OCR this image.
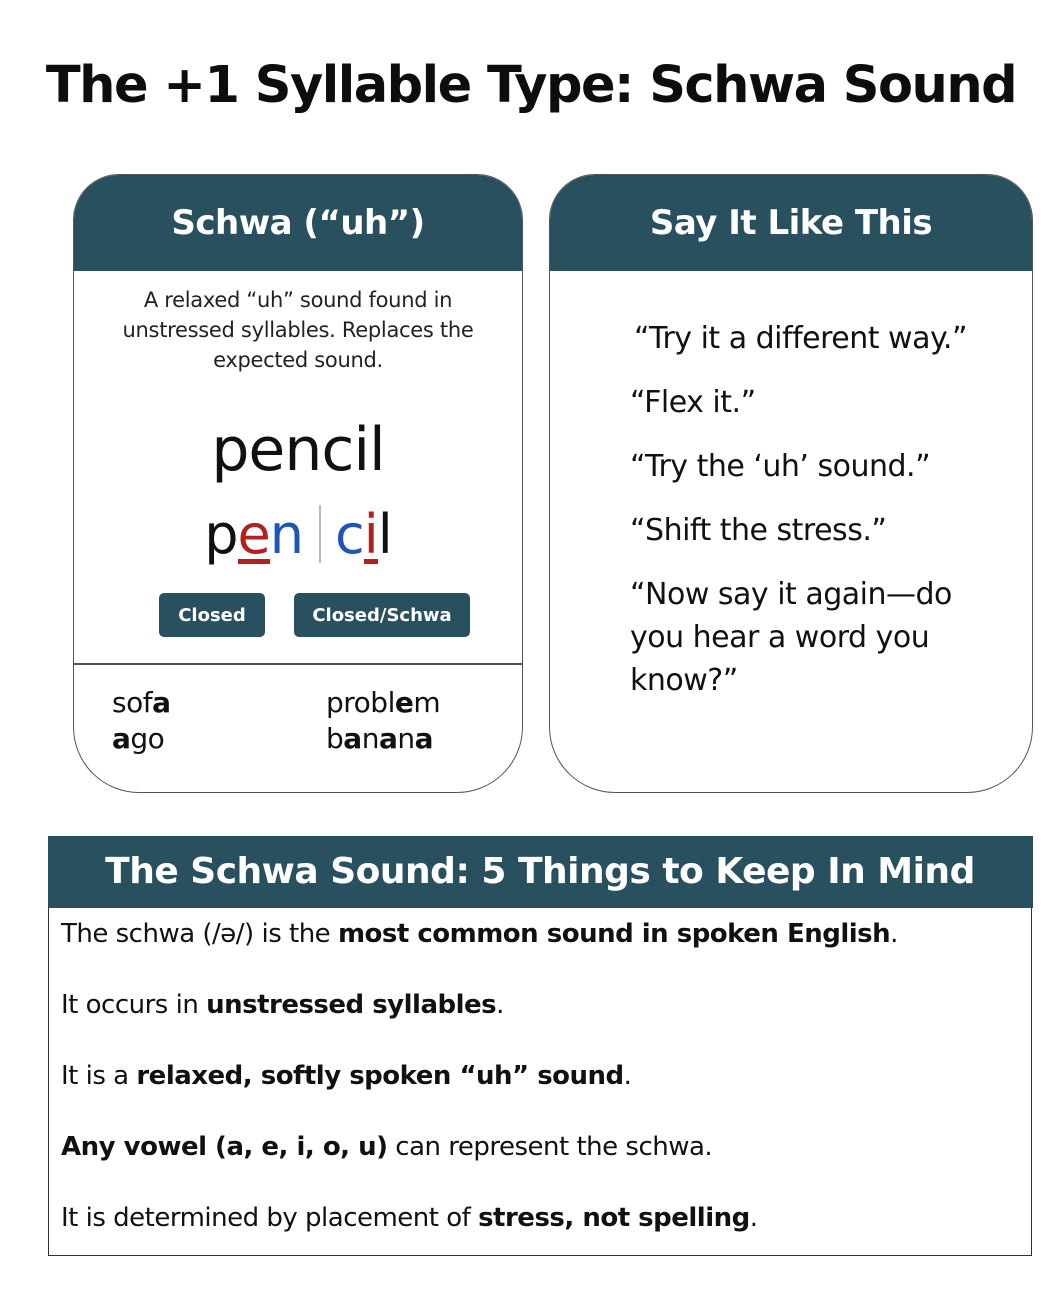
The +1 Syllable Type: Schwa Sound
Schwa (“uh”)
A relaxed “uh” sound found in unstressed syllables. Replaces the expected sound.
pencil
pen cil
Closed	Closed/Schwa
sofa
ago
problem
banana
Say It Like This
“Try it a different way.”
“Flex it.”
“Try the ‘uh’ sound.”
“Shift the stress.”
“Now say it again—do you hear a word you know?”
The Schwa Sound: 5 Things to Keep In Mind
The schwa (/ə/) is the most common sound in spoken English.
It occurs in unstressed syllables.
It is a relaxed, softly spoken “uh” sound.
Any vowel (a, e, i, o, u) can represent the schwa.
It is determined by placement of stress, not spelling.
